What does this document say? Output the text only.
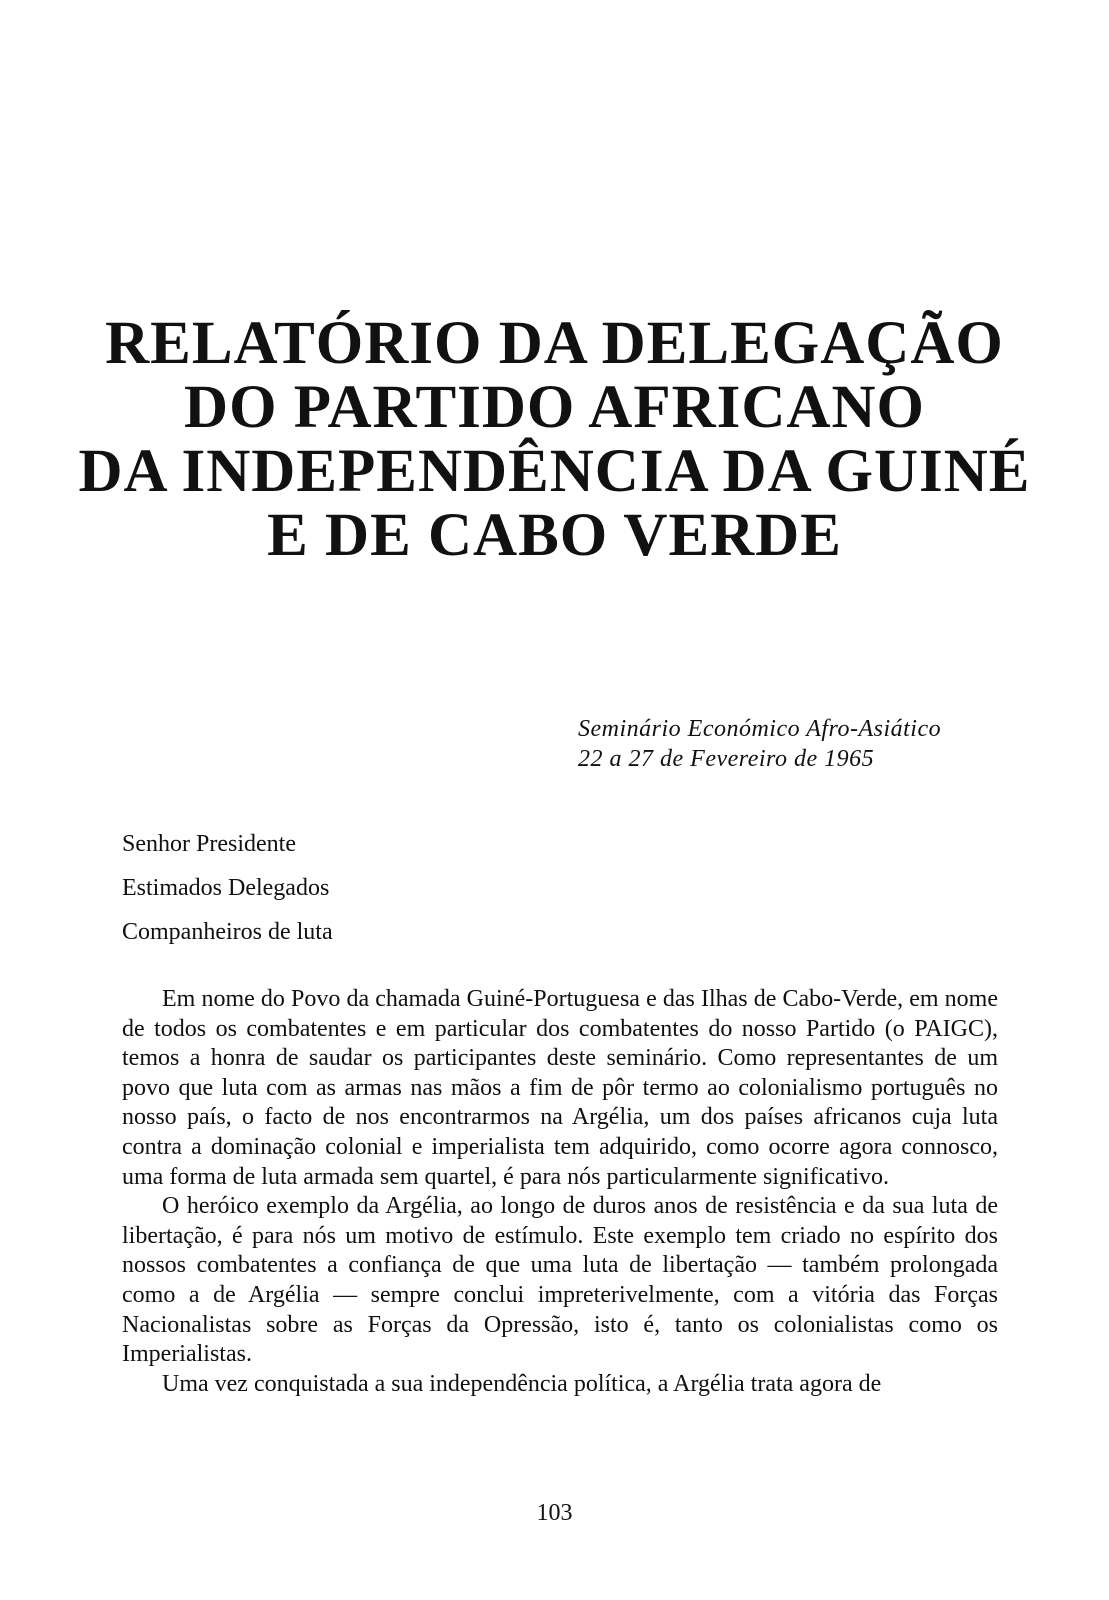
RELATÓRIO DA DELEGAÇÃO
DO PARTIDO AFRICANO
DA INDEPENDÊNCIA DA GUINÉ
E DE CABO VERDE
Seminário Económico Afro-Asiático
22 a 27 de Fevereiro de 1965
Senhor Presidente
Estimados Delegados
Companheiros de luta

Em nome do Povo da chamada Guiné-Portuguesa e das Ilhas de Cabo-Verde, em nome de todos os combatentes e em particular dos combatentes do nosso Partido (o PAIGC), temos a honra de saudar os participantes deste seminário. Como representantes de um povo que luta com as armas nas mãos a fim de pôr termo ao colonialismo português no nosso país, o facto de nos encontrarmos na Argélia, um dos países africanos cuja luta contra a dominação colonial e imperialista tem adquirido, como ocorre agora connosco, uma forma de luta armada sem quartel, é para nós particularmente significativo.

O heróico exemplo da Argélia, ao longo de duros anos de resistência e da sua luta de libertação, é para nós um motivo de estímulo. Este exemplo tem criado no espírito dos nossos combatentes a confiança de que uma luta de libertação — também prolongada como a de Argélia — sempre conclui impreterivelmente, com a vitória das Forças Nacionalistas sobre as Forças da Opressão, isto é, tanto os colonialistas como os Imperialistas.

Uma vez conquistada a sua independência política, a Argélia trata agora de

103
